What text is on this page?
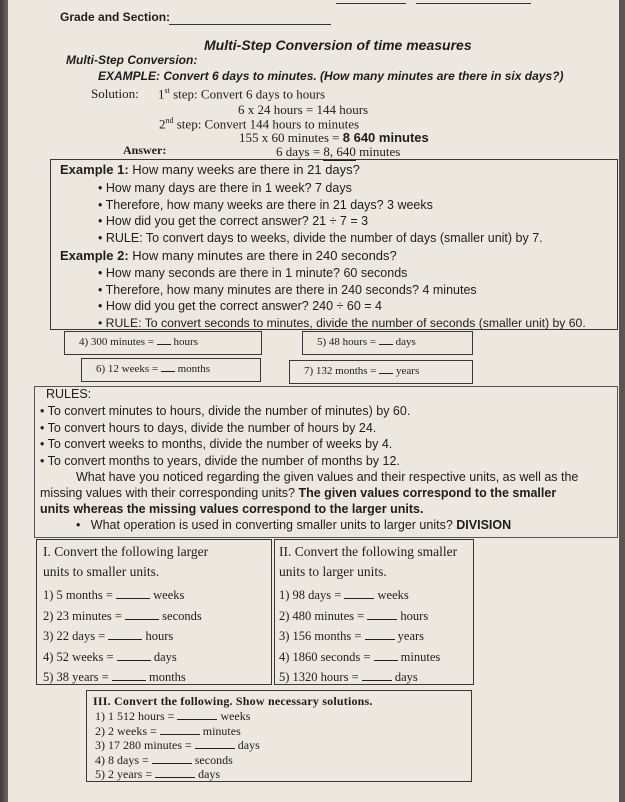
Grade and Section:
Multi-Step Conversion of time measures
Multi-Step Conversion:
EXAMPLE: Convert 6 days to minutes. (How many minutes are there in six days?)
Solution: 1st step: Convert 6 days to hours
6 x 24 hours = 144 hours
2nd step: Convert 144 hours to minutes
155 x 60 minutes = 8 640 minutes
Answer:	6 days = 8, 640 minutes
Example 1: How many weeks are there in 21 days?
• How many days are there in 1 week? 7 days
• Therefore, how many weeks are there in 21 days? 3 weeks
• How did you get the correct answer? 21 ÷ 7 = 3
• RULE: To convert days to weeks, divide the number of days (smaller unit) by 7.
Example 2: How many minutes are there in 240 seconds?
• How many seconds are there in 1 minute? 60 seconds
• Therefore, how many minutes are there in 240 seconds? 4 minutes
• How did you get the correct answer? 240 ÷ 60 = 4
• RULE: To convert seconds to minutes, divide the number of seconds (smaller unit) by 60.
4) 300 minutes = hours	5) 48 hours = days
6) 12 weeks = months	7) 132 months = years
RULES:
• To convert minutes to hours, divide the number of minutes) by 60.
• To convert hours to days, divide the number of hours by 24.
• To convert weeks to months, divide the number of weeks by 4.
• To convert months to years, divide the number of months by 12.
What have you noticed regarding the given values and their respective units, as well as the
missing values with their corresponding units? The given values correspond to the smaller
units whereas the missing values correspond to the larger units.
•   What operation is used in converting smaller units to larger units? DIVISION
I. Convert the following larger
units to smaller units.
1) 5 months =	weeks
2) 23 minutes =	seconds
3) 22 days =	hours
4) 52 weeks =	days
5) 38 years =	months
II. Convert the following smaller
units to larger units.
1) 98 days =	weeks
2) 480 minutes =	hours
3) 156 months =	years
4) 1860 seconds = minutes
5) 1320 hours =	days
III. Convert the following. Show necessary solutions.
1) 1 512 hours =	weeks
2) 2 weeks =	minutes
3) 17 280 minutes =	days
4) 8 days =	seconds
5) 2 years =	days
